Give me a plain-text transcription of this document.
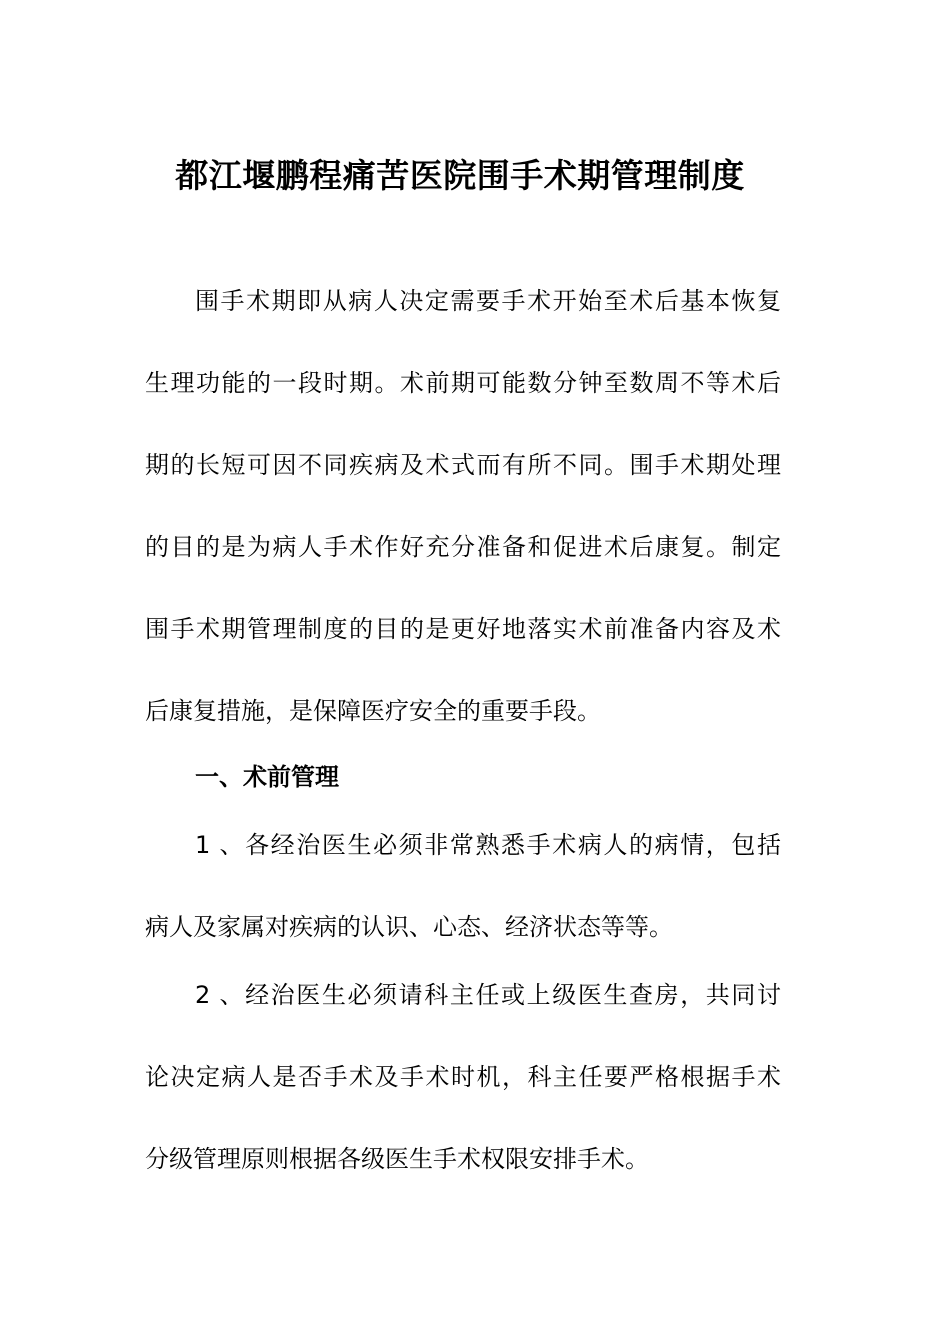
都江堰鹏程痛苦医院围手术期管理制度
围手术期即从病人决定需要手术开始至术后基本恢复
生理功能的一段时期。术前期可能数分钟至数周不等术后
期的长短可因不同疾病及术式而有所不同。围手术期处理
的目的是为病人手术作好充分准备和促进术后康复。制定
围手术期管理制度的目的是更好地落实术前准备内容及术
后康复措施，是保障医疗安全的重要手段。
一、术前管理
1 、各经治医生必须非常熟悉手术病人的病情，包括
病人及家属对疾病的认识、心态、经济状态等等。
2 、经治医生必须请科主任或上级医生查房，共同讨
论决定病人是否手术及手术时机，科主任要严格根据手术
分级管理原则根据各级医生手术权限安排手术。
